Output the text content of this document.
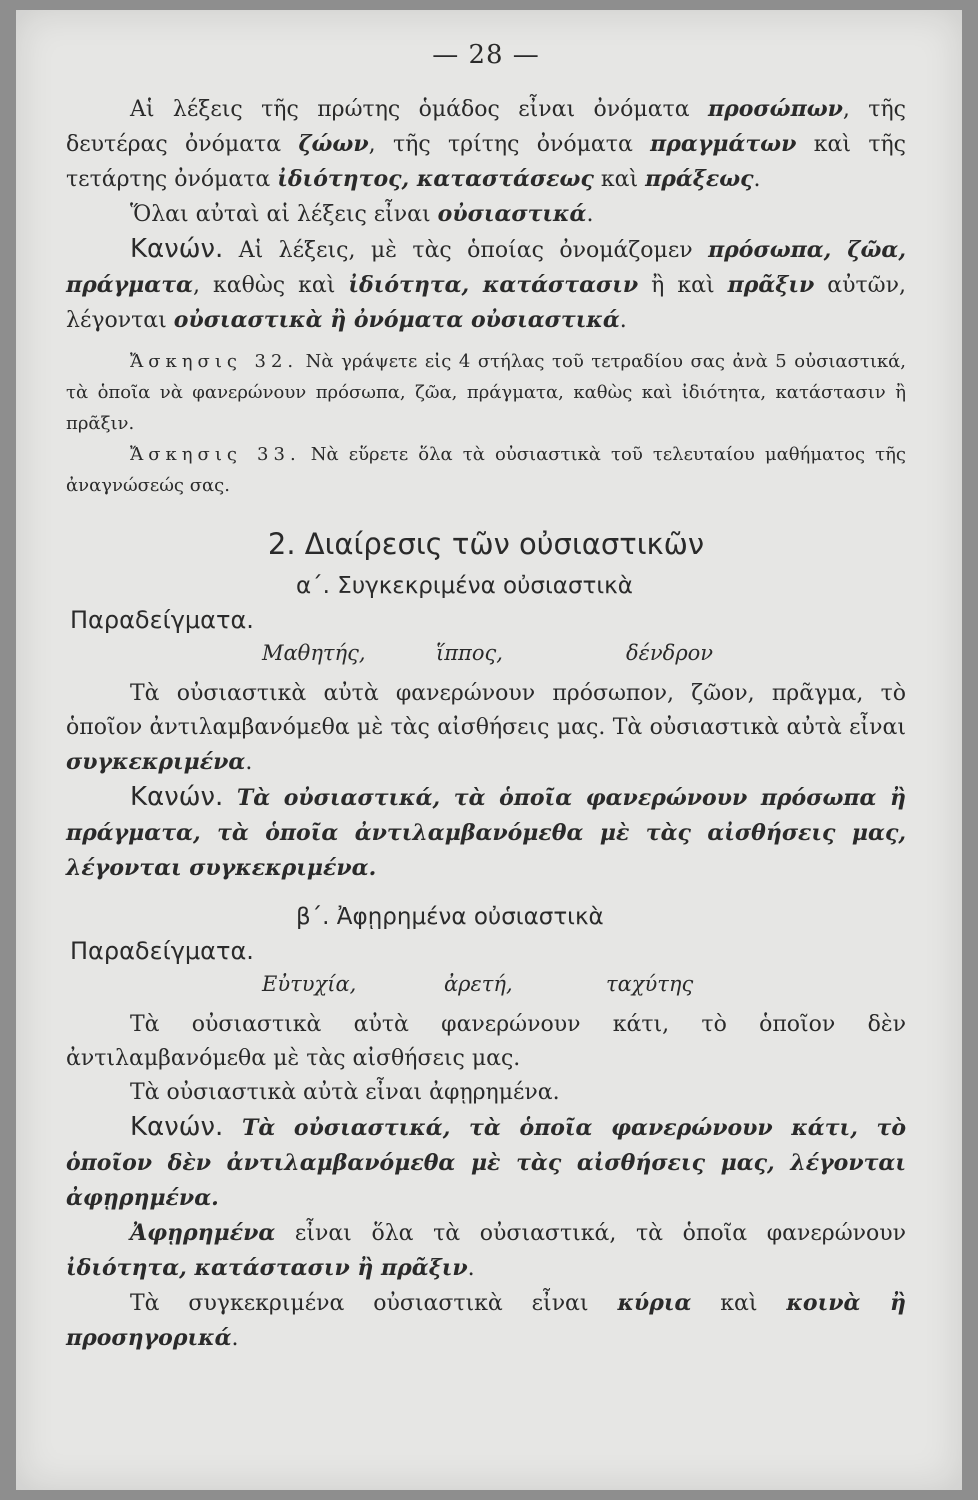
— 28 —

Αἱ λέξεις τῆς πρώτης ὁμάδος εἶναι ὀνόματα προσώπων, τῆς δευτέρας ὀνόματα ζώων, τῆς τρίτης ὀνόματα πραγμάτων καὶ τῆς τετάρτης ὀνόματα ἰδιότητος, καταστάσεως καὶ πράξεως.

Ὅλαι αὐταὶ αἱ λέξεις εἶναι οὐσιαστικά.

Κανών. Αἱ λέξεις, μὲ τὰς ὁποίας ὀνομάζομεν πρόσωπα, ζῶα, πράγματα, καθὼς καὶ ἰδιότητα, κατάστασιν ἢ καὶ πρᾶξιν αὐτῶν, λέγονται οὐσιαστικὰ ἢ ὀνόματα οὐσιαστικά.

Ἄσκησις 32. Νὰ γράψετε εἰς 4 στήλας τοῦ τετραδίου σας ἀνὰ 5 οὐσιαστικά, τὰ ὁποῖα νὰ φανερώνουν πρόσωπα, ζῶα, πράγματα, καθὼς καὶ ἰδιότητα, κατάστασιν ἢ πρᾶξιν.

Ἄσκησις 33. Νὰ εὕρετε ὅλα τὰ οὐσιαστικὰ τοῦ τελευταίου μαθήματος τῆς ἀναγνώσεώς σας.

2. Διαίρεσις τῶν οὐσιαστικῶν

α΄. Συγκεκριμένα οὐσιαστικὰ

Παραδείγματα.

Μαθητής,	ἵππος,	δένδρον

Τὰ οὐσιαστικὰ αὐτὰ φανερώνουν πρόσωπον, ζῶον, πρᾶγμα, τὸ ὁποῖον ἀντιλαμβανόμεθα μὲ τὰς αἰσθήσεις μας. Τὰ οὐσιαστικὰ αὐτὰ εἶναι συγκεκριμένα.

Κανών. Τὰ οὐσιαστικά, τὰ ὁποῖα φανερώνουν πρόσωπα ἢ πράγματα, τὰ ὁποῖα ἀντιλαμβανόμεθα μὲ τὰς αἰσθήσεις μας, λέγονται συγκεκριμένα.

β΄. Ἀφῃρημένα οὐσιαστικὰ

Παραδείγματα.

Εὐτυχία,	ἀρετή,	ταχύτης

Τὰ οὐσιαστικὰ αὐτὰ φανερώνουν κάτι, τὸ ὁποῖον δὲν ἀντιλαμβανόμεθα μὲ τὰς αἰσθήσεις μας.

Τὰ οὐσιαστικὰ αὐτὰ εἶναι ἀφῃρημένα.

Κανών. Τὰ οὐσιαστικά, τὰ ὁποῖα φανερώνουν κάτι, τὸ ὁποῖον δὲν ἀντιλαμβανόμεθα μὲ τὰς αἰσθήσεις μας, λέγονται ἀφῃρημένα.

Ἀφῃρημένα εἶναι ὅλα τὰ οὐσιαστικά, τὰ ὁποῖα φανερώνουν ἰδιότητα, κατάστασιν ἢ πρᾶξιν.

Τὰ συγκεκριμένα οὐσιαστικὰ εἶναι κύρια καὶ κοινὰ ἢ προσηγορικά.
